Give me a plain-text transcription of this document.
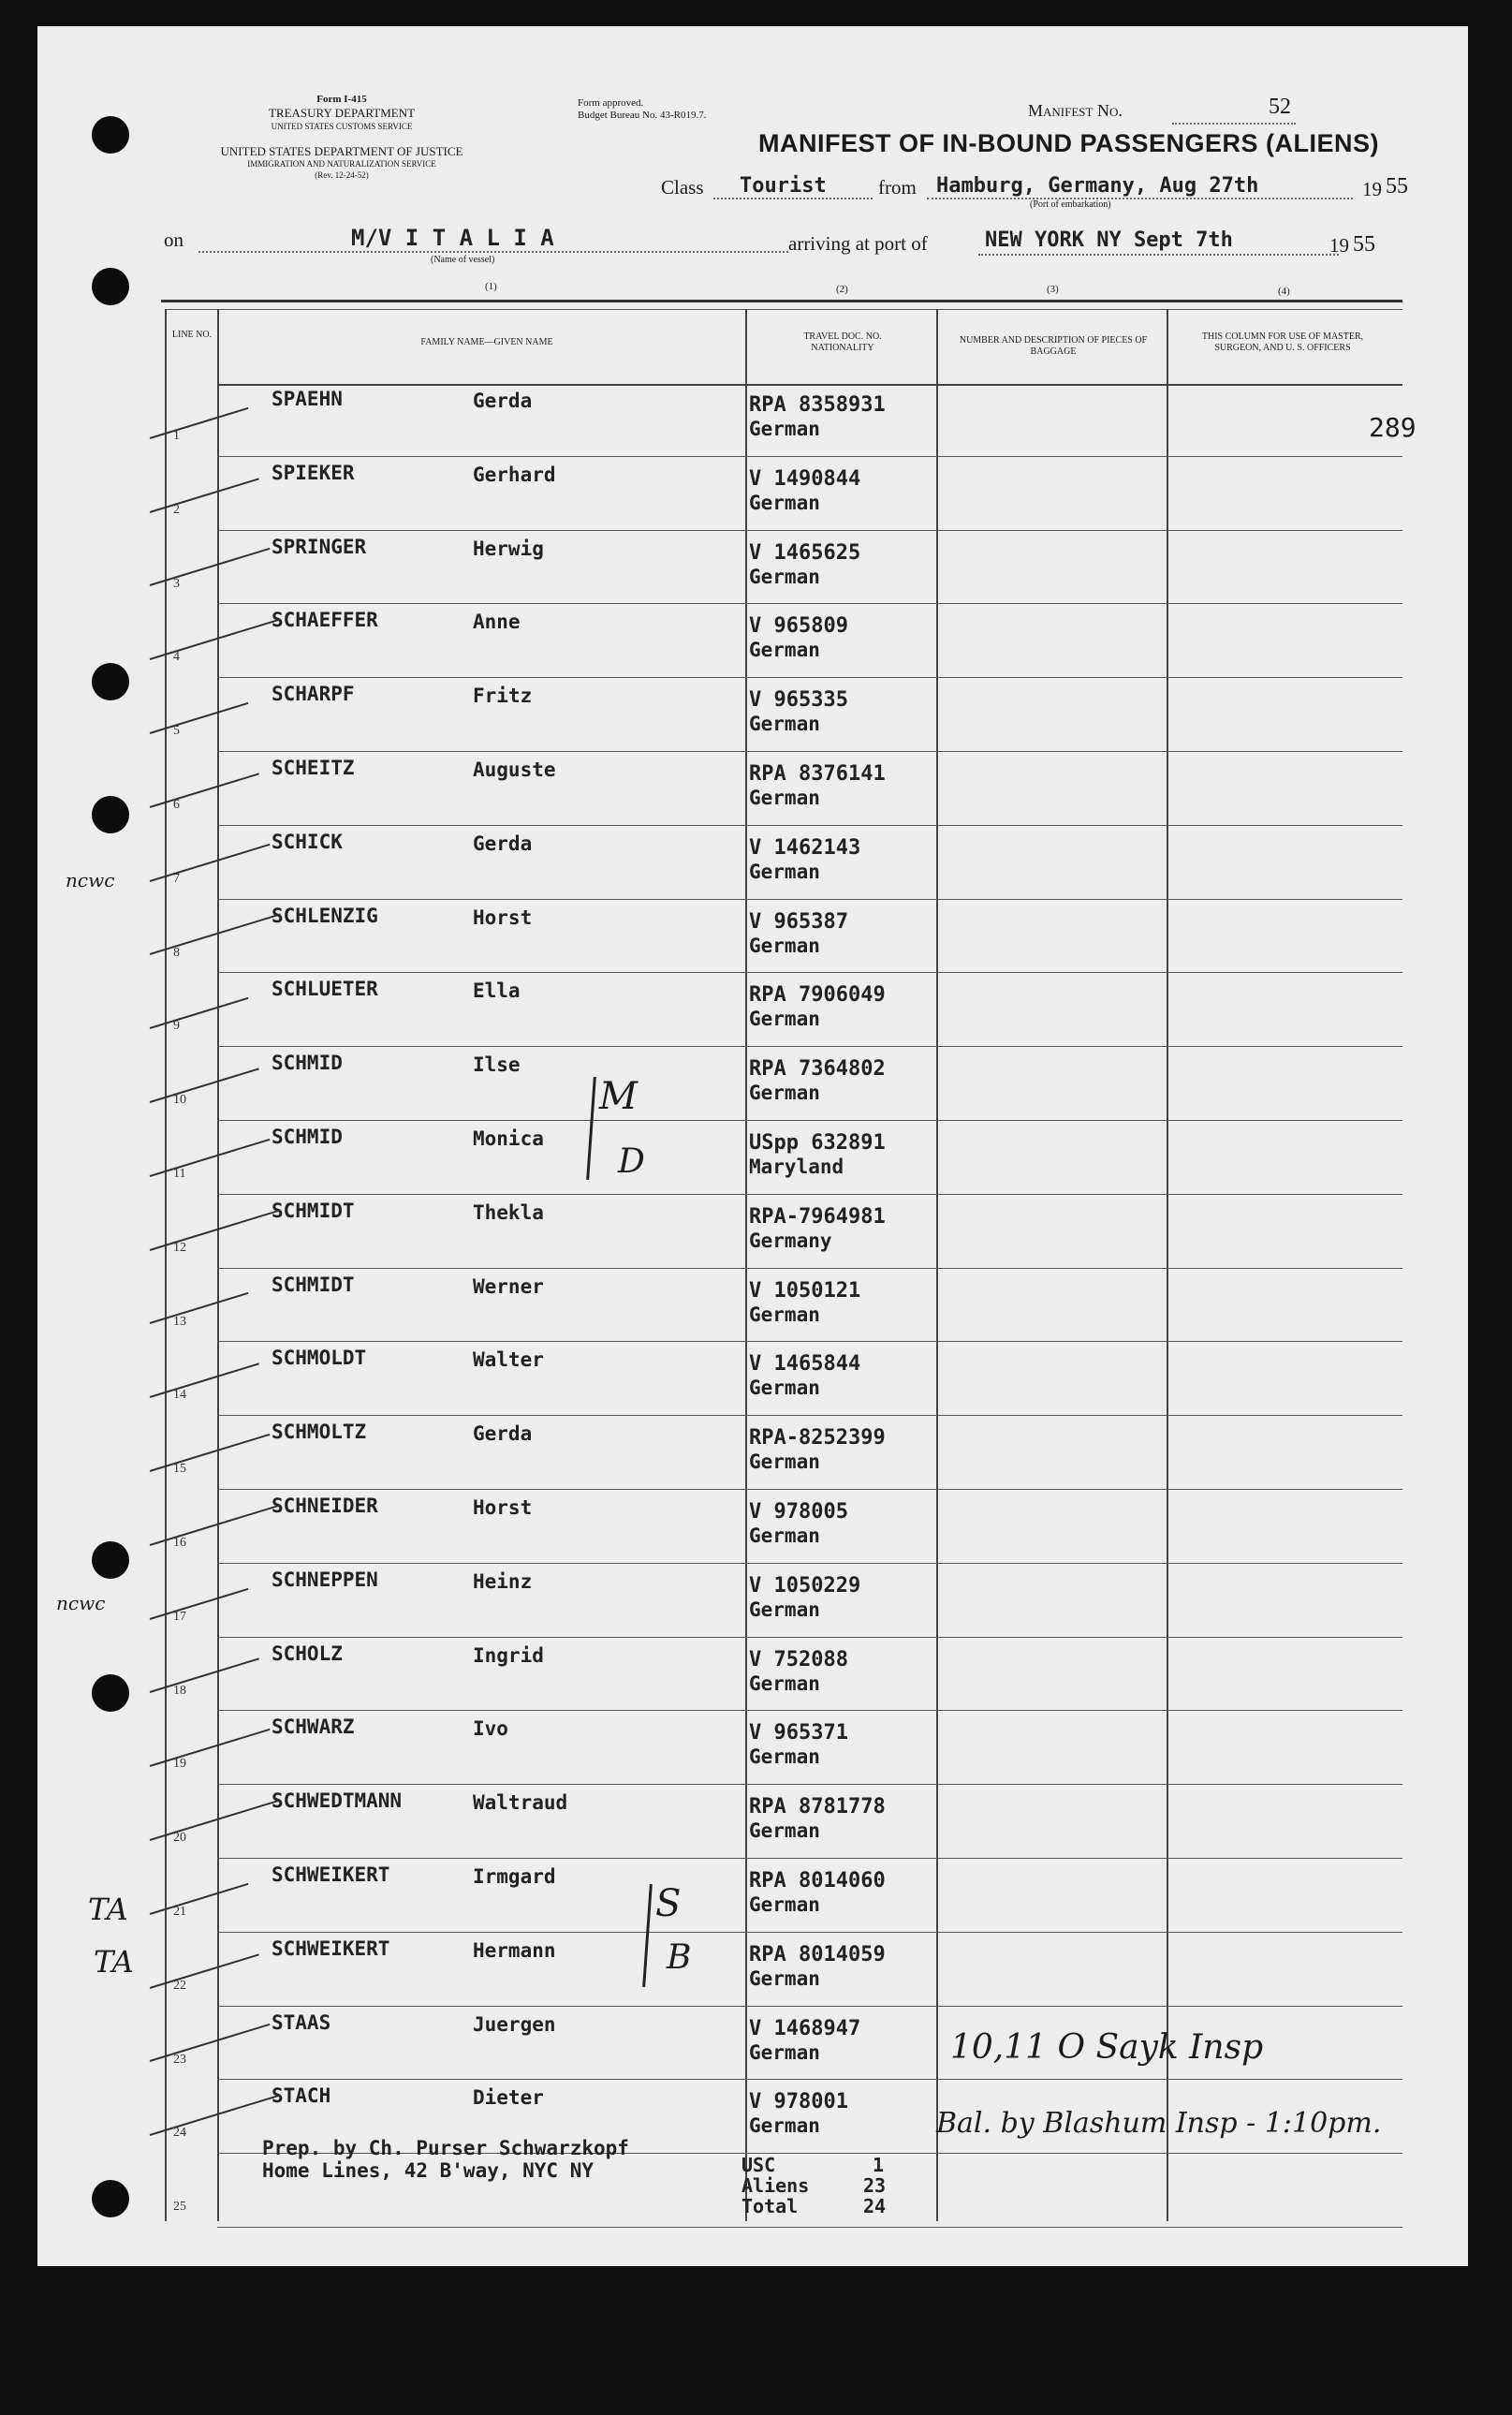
Form I-415
TREASURY DEPARTMENT
UNITED STATES CUSTOMS SERVICE
UNITED STATES DEPARTMENT OF JUSTICE
IMMIGRATION AND NATURALIZATION SERVICE
(Rev. 12-24-52)
Form approved.
Budget Bureau No. 43-R019.7.	Manifest No.	52
MANIFEST OF IN-BOUND PASSENGERS (ALIENS)
Class Tourist	from Hamburg, Germany, Aug 27th
(Port of embarkation)
19 55
on	M/V I T A L I A
(Name of vessel)
arriving at port of	NEW YORK NY Sept 7th	19 55
(1)	(2)	(3)	(4)
LINE NO.
FAMILY NAME—GIVEN NAME
TRAVEL DOC. NO. NATIONALITY
NUMBER AND DESCRIPTION OF PIECES OF BAGGAGE
THIS COLUMN FOR USE OF MASTER, SURGEON, AND U. S. OFFICERS
1
SPAEHN	Gerda	RPA 8358931
German
2
SPIEKER	Gerhard	V 1490844
German
3
SPRINGER	Herwig	V 1465625
German
4
SCHAEFFER	Anne	V 965809
German
5
SCHARPF	Fritz	V 965335
German
6
SCHEITZ	Auguste	RPA 8376141
German
7
SCHICK	Gerda	V 1462143
German
8
SCHLENZIG	Horst	V 965387
German
9
SCHLUETER	Ella	RPA 7906049
German
10
SCHMID	Ilse	RPA 7364802
German
11
SCHMID	Monica	USpp 632891
Maryland
12
SCHMIDT	Thekla	RPA-7964981
Germany
13
SCHMIDT	Werner	V 1050121
German
14
SCHMOLDT	Walter	V 1465844
German
15
SCHMOLTZ	Gerda	RPA-8252399
German
16
SCHNEIDER	Horst	V 978005
German
17
SCHNEPPEN	Heinz	V 1050229
German
18
SCHOLZ	Ingrid	V 752088
German
19
SCHWARZ	Ivo	V 965371
German
20
SCHWEDTMANN	Waltraud	RPA 8781778
German
21
SCHWEIKERT	Irmgard	RPA 8014060
German
22
SCHWEIKERT	Hermann	RPA 8014059
German
23
STAAS	Juergen	V 1468947
German
24
STACH	Dieter	V 978001
German
25
Prep. by Ch. Purser Schwarzkopf
Home Lines, 42 B'way, NYC NY	USC	1
Aliens	23
Total	24
289
ncwc
ncwc
TA
TA
M
D
S
B
10,11 O Sayk Insp
Bal. by Blashum Insp - 1:10pm.
